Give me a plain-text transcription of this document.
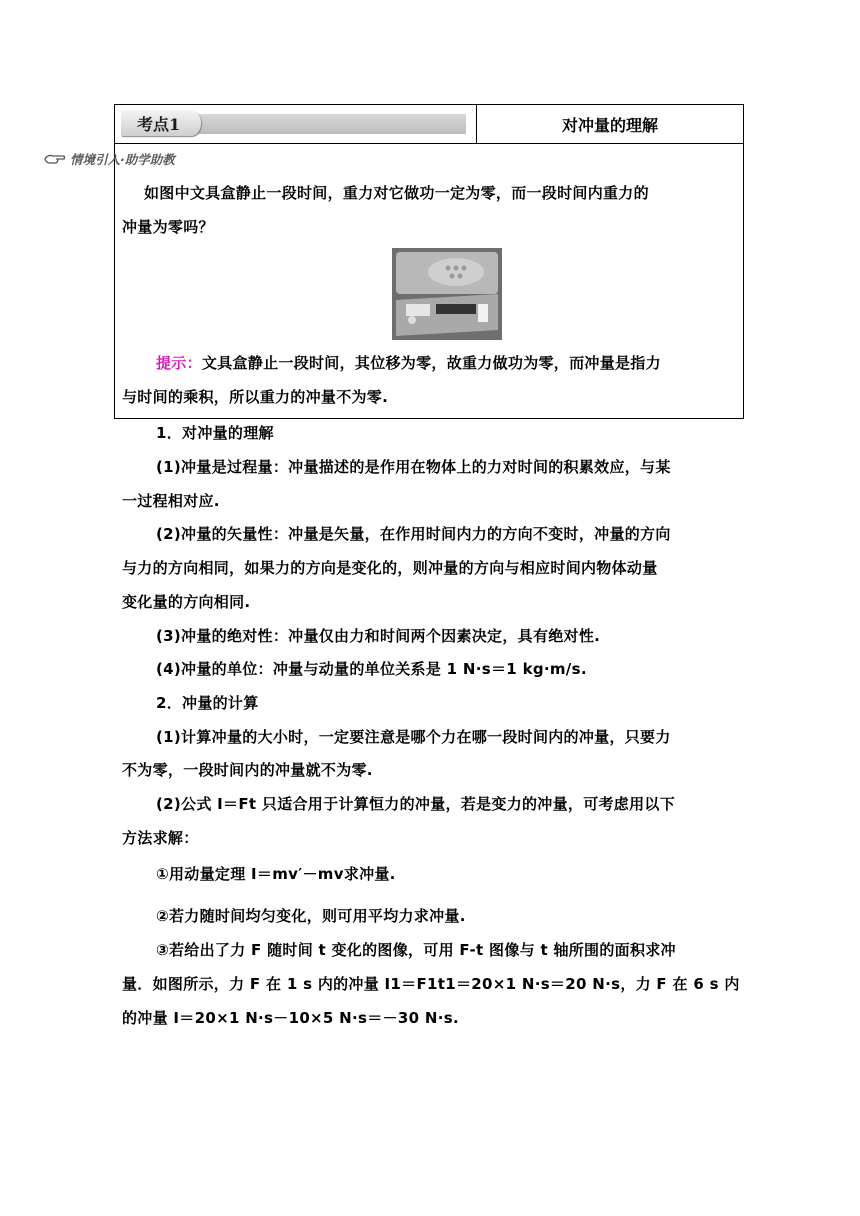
考点1	对冲量的理解
情境引入·助学助教
如图中文具盒静止一段时间，重力对它做功一定为零，而一段时间内重力的
冲量为零吗？
提示：文具盒静止一段时间，其位移为零，故重力做功为零，而冲量是指力
与时间的乘积，所以重力的冲量不为零.
1．对冲量的理解
(1)冲量是过程量：冲量描述的是作用在物体上的力对时间的积累效应，与某
一过程相对应.
(2)冲量的矢量性：冲量是矢量，在作用时间内力的方向不变时，冲量的方向
与力的方向相同，如果力的方向是变化的，则冲量的方向与相应时间内物体动量
变化量的方向相同.
(3)冲量的绝对性：冲量仅由力和时间两个因素决定，具有绝对性.
(4)冲量的单位：冲量与动量的单位关系是 1 N·s＝1 kg·m/s.
2．冲量的计算
(1)计算冲量的大小时，一定要注意是哪个力在哪一段时间内的冲量，只要力
不为零，一段时间内的冲量就不为零.
(2)公式 I＝Ft 只适合用于计算恒力的冲量，若是变力的冲量，可考虑用以下
方法求解：
①用动量定理 I＝mv′－mv求冲量.
②若力随时间均匀变化，则可用平均力求冲量.
③若给出了力 F 随时间 t 变化的图像，可用 F-t 图像与 t 轴所围的面积求冲
量．如图所示，力 F 在 1 s 内的冲量 I1＝F1t1＝20×1 N·s＝20 N·s，力 F 在 6 s 内
的冲量 I＝20×1 N·s－10×5 N·s＝－30 N·s.
